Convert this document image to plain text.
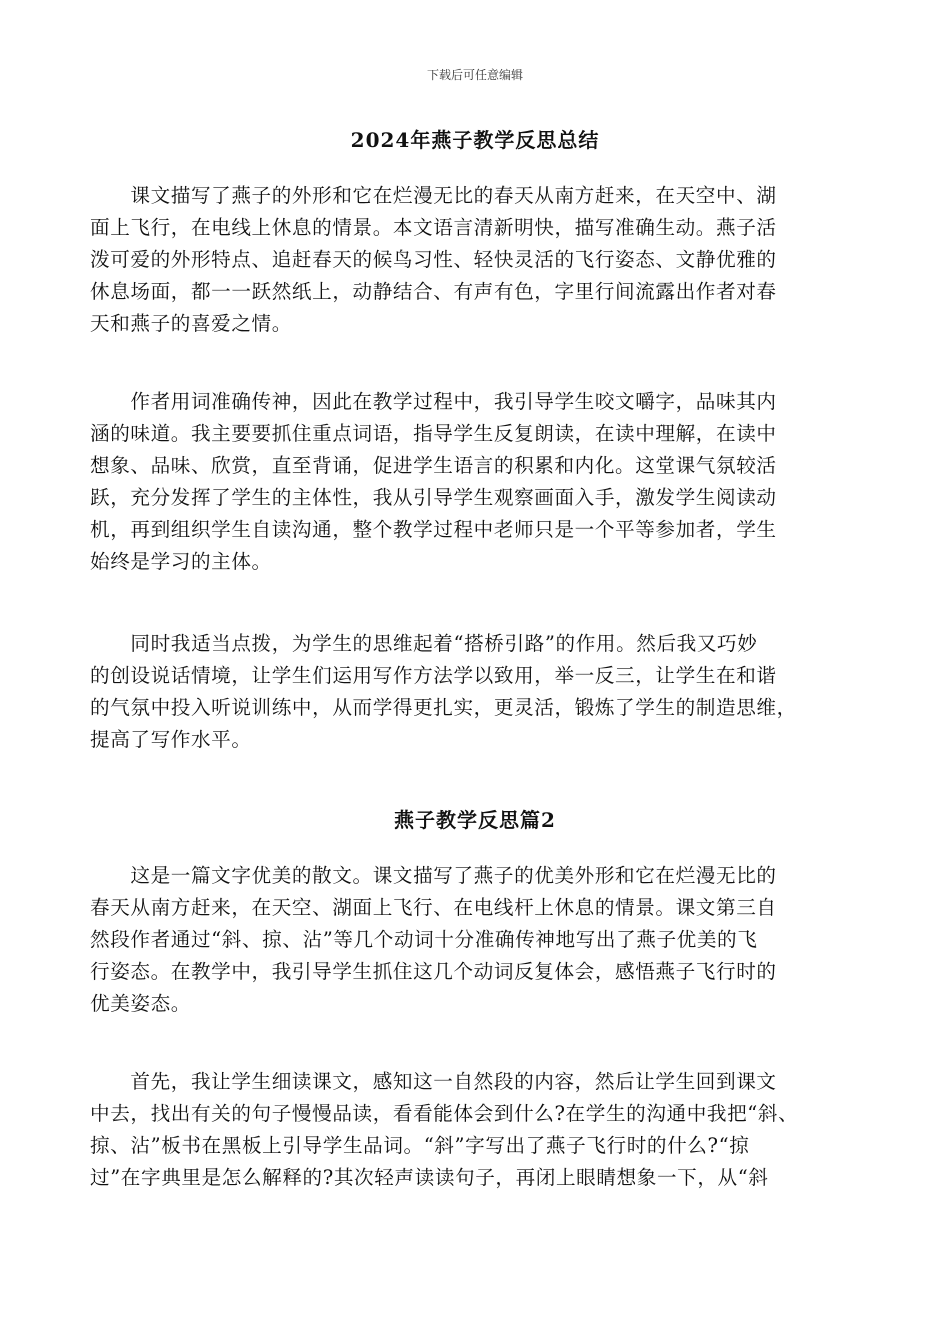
下载后可任意编辑
2024年燕子教学反思总结
　　课文描写了燕子的外形和它在烂漫无比的春天从南方赶来，在天空中、湖
面上飞行，在电线上休息的情景。本文语言清新明快，描写准确生动。燕子活
泼可爱的外形特点、追赶春天的候鸟习性、轻快灵活的飞行姿态、文静优雅的
休息场面，都一一跃然纸上，动静结合、有声有色，字里行间流露出作者对春
天和燕子的喜爱之情。
　　作者用词准确传神，因此在教学过程中，我引导学生咬文嚼字，品味其内
涵的味道。我主要要抓住重点词语，指导学生反复朗读，在读中理解，在读中
想象、品味、欣赏，直至背诵，促进学生语言的积累和内化。这堂课气氛较活
跃，充分发挥了学生的主体性，我从引导学生观察画面入手，激发学生阅读动
机，再到组织学生自读沟通，整个教学过程中老师只是一个平等参加者，学生
始终是学习的主体。
　　同时我适当点拨，为学生的思维起着“搭桥引路”的作用。然后我又巧妙
的创设说话情境，让学生们运用写作方法学以致用，举一反三，让学生在和谐
的气氛中投入听说训练中，从而学得更扎实，更灵活，锻炼了学生的制造思维，
提高了写作水平。
燕子教学反思篇2
　　这是一篇文字优美的散文。课文描写了燕子的优美外形和它在烂漫无比的
春天从南方赶来，在天空、湖面上飞行、在电线杆上休息的情景。课文第三自
然段作者通过“斜、掠、沾”等几个动词十分准确传神地写出了燕子优美的飞
行姿态。在教学中，我引导学生抓住这几个动词反复体会，感悟燕子飞行时的
优美姿态。
　　首先，我让学生细读课文，感知这一自然段的内容，然后让学生回到课文
中去，找出有关的句子慢慢品读，看看能体会到什么?在学生的沟通中我把“斜、
掠、沾”板书在黑板上引导学生品词。“斜”字写出了燕子飞行时的什么?“掠
过”在字典里是怎么解释的?其次轻声读读句子，再闭上眼睛想象一下，从“斜
